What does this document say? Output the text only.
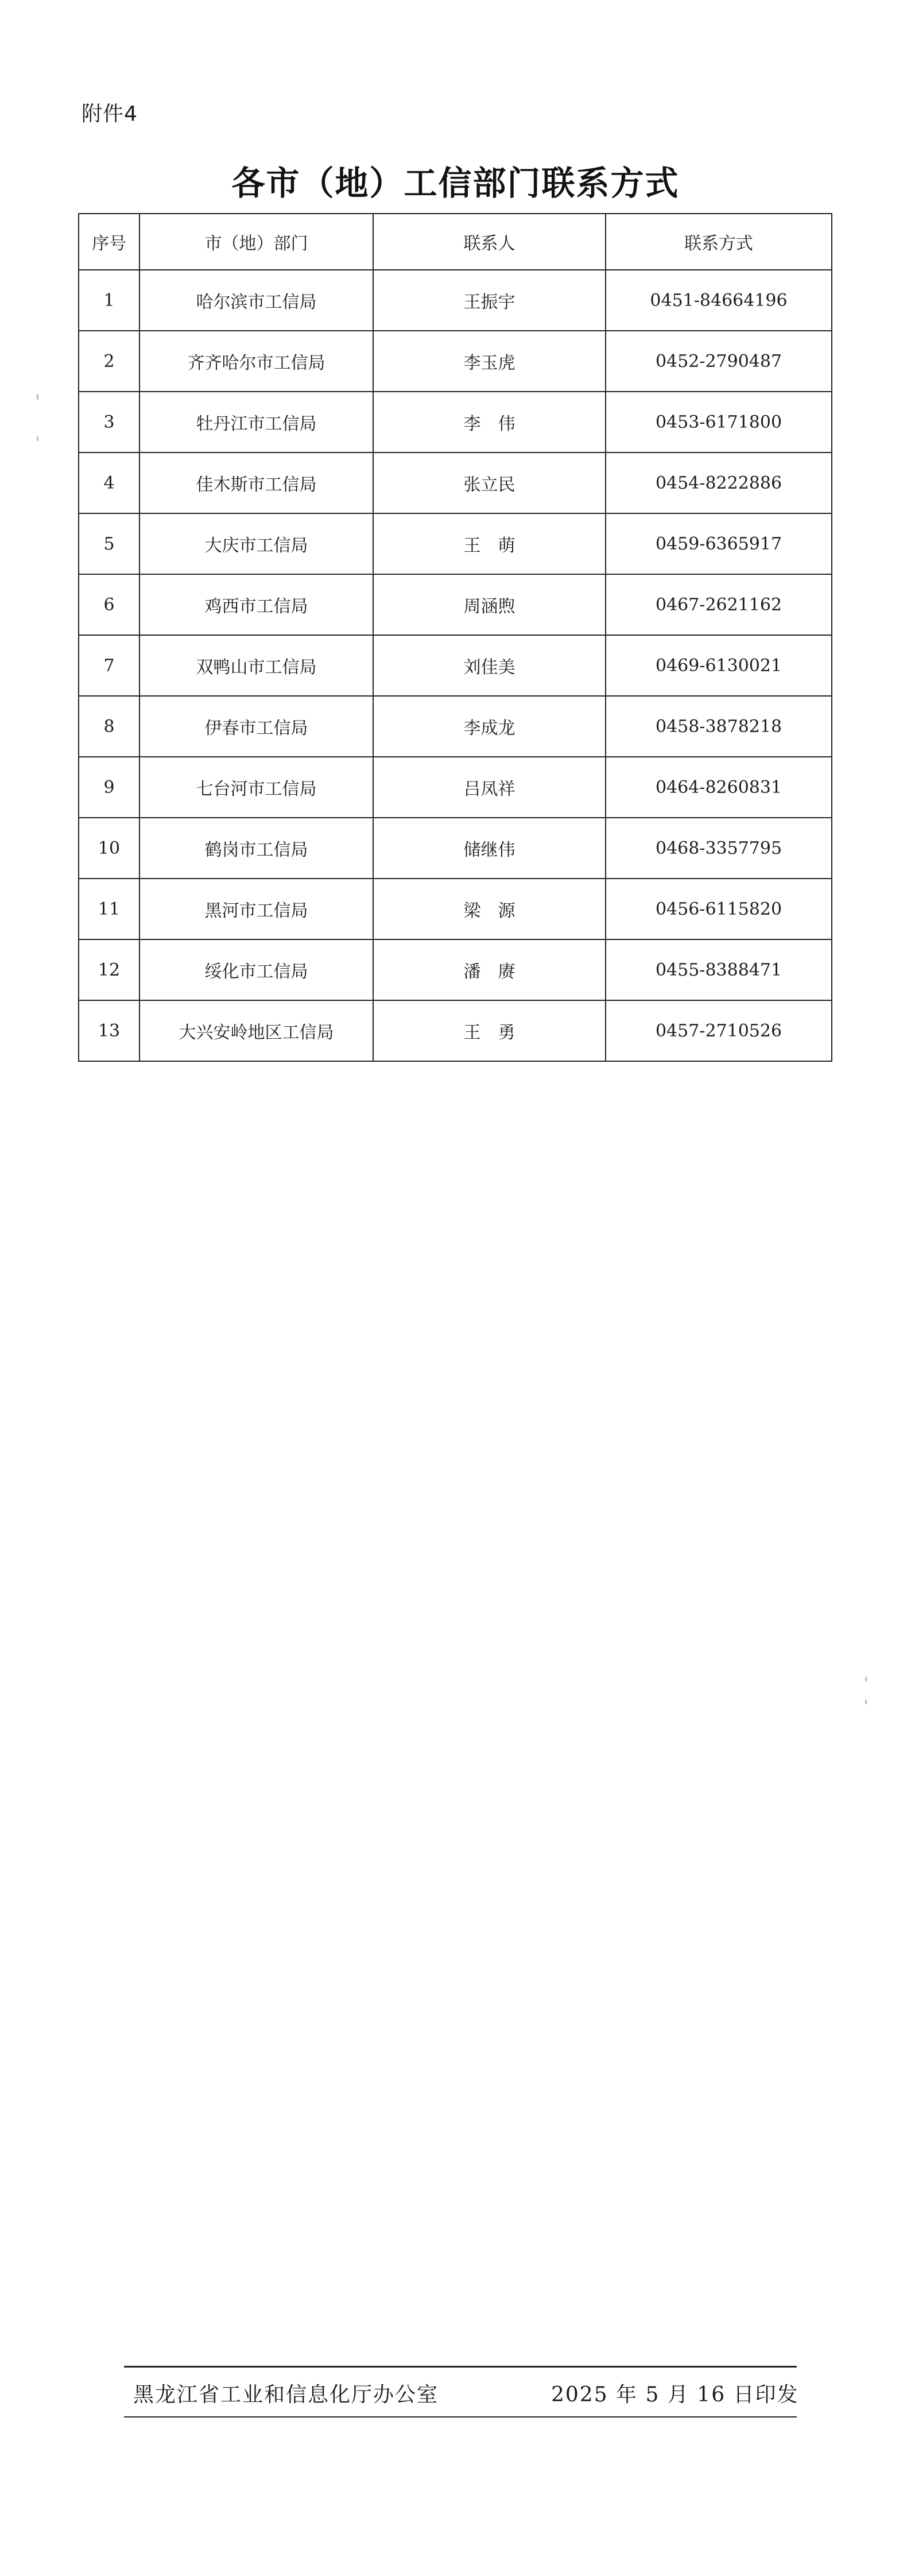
附件4
各市（地）工信部门联系方式
序号	市（地）部门	联系人	联系方式
1	哈尔滨市工信局	王振宇	0451-84664196
2	齐齐哈尔市工信局	李玉虎	0452-2790487
3	牡丹江市工信局	李　伟	0453-6171800
4	佳木斯市工信局	张立民	0454-8222886
5	大庆市工信局	王　萌	0459-6365917
6	鸡西市工信局	周涵煦	0467-2621162
7	双鸭山市工信局	刘佳美	0469-6130021
8	伊春市工信局	李成龙	0458-3878218
9	七台河市工信局	吕凤祥	0464-8260831
10	鹤岗市工信局	储继伟	0468-3357795
11	黑河市工信局	梁　源	0456-6115820
12	绥化市工信局	潘　赓	0455-8388471
13	大兴安岭地区工信局	王　勇	0457-2710526
黑龙江省工业和信息化厅办公室	2025 年 5 月 16 日印发
